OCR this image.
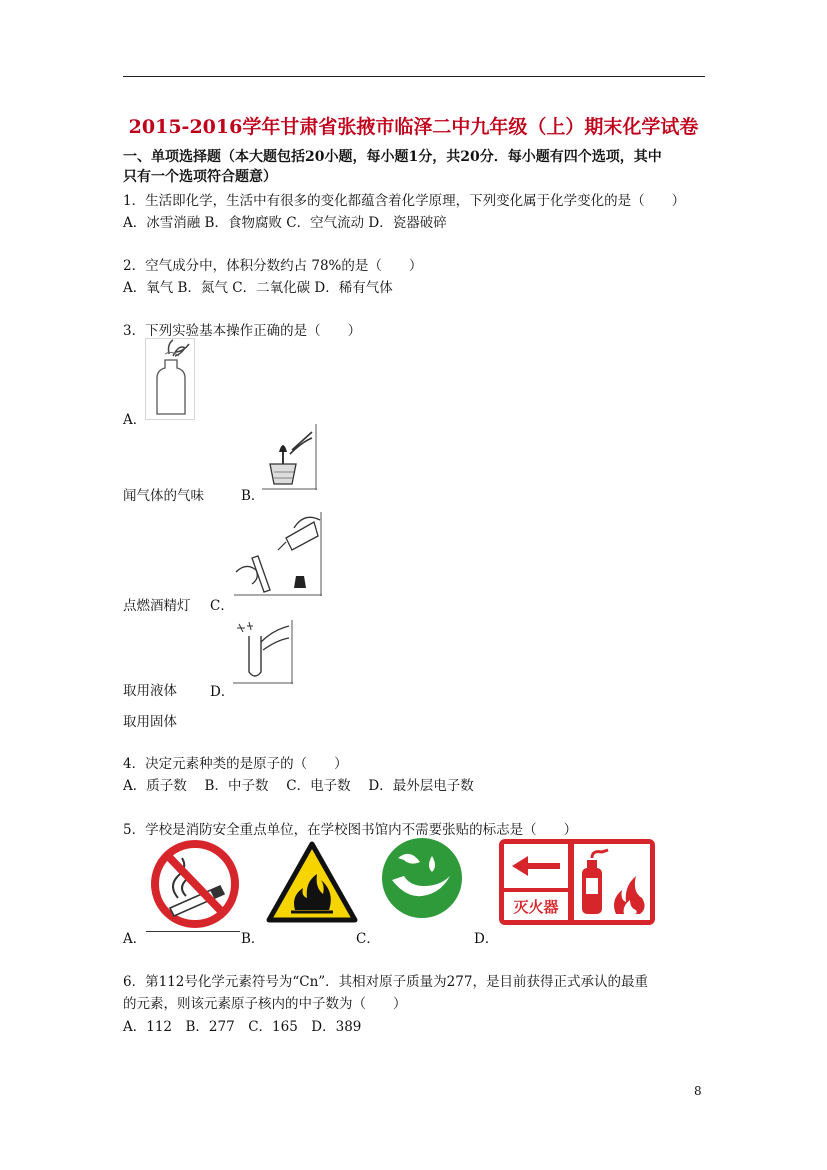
2015-2016学年甘肃省张掖市临泽二中九年级（上）期末化学试卷
一、单项选择题（本大题包括20小题，每小题1分，共20分．每小题有四个选项，其中
只有一个选项符合题意）
1．生活即化学，生活中有很多的变化都蕴含着化学原理，下列变化属于化学变化的是（　　）
A．冰雪消融 B．食物腐败 C．空气流动 D．瓷器破碎
2．空气成分中，体积分数约占 78%的是（　　）
A．氧气 B．氮气 C．二氧化碳 D．稀有气体
3．下列实验基本操作正确的是（　　）
A．
闻气体的气味	B．
点燃酒精灯 C．
取用液体 D．
取用固体
4．决定元素种类的是原子的（　　）
A．质子数　 B．中子数　 C．电子数　 D．最外层电子数
5．学校是消防安全重点单位，在学校图书馆内不需要张贴的标志是（　　）
灭火器
A．	B．	C．	D．
6．第112号化学元素符号为“Cn”．其相对原子质量为277，是目前获得正式承认的最重
的元素，则该元素原子核内的中子数为（　　）
A．112　B．277　C．165　D．389
8
